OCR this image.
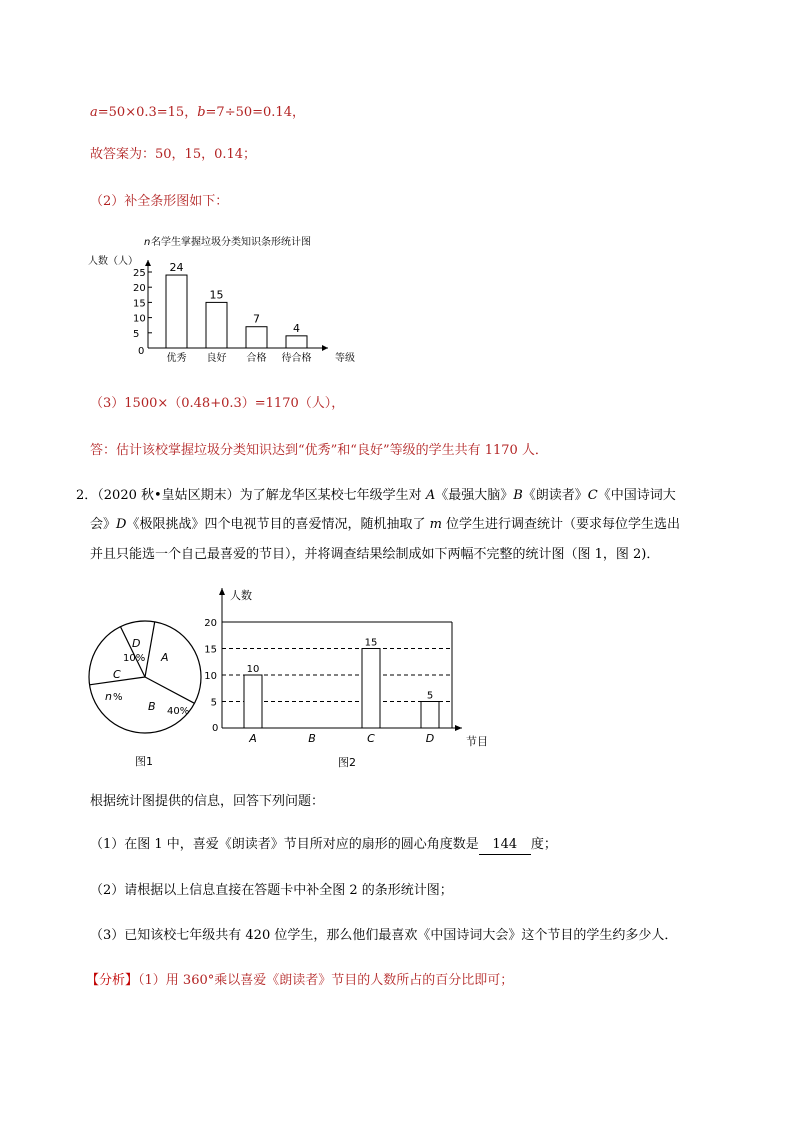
a=50×0.3=15，b=7÷50=0.14，
故答案为：50，15，0.14；
（2）补全条形图如下：
n 名学生掌握垃圾分类知识条形统计图
人数（人）
5
10
15
20
25 24
优秀
15
良好
7
合格
4
待合格
0
等级
（3）1500×（0.48+0.3）=1170（人），
答：估计该校掌握垃圾分类知识达到“优秀”和“良好”等级的学生共有 1170 人．
2．（2020 秋•皇姑区期末）为了解龙华区某校七年级学生对 A《最强大脑》B《朗读者》C《中国诗词大
会》D《极限挑战》四个电视节目的喜爱情况，随机抽取了 m 位学生进行调查统计（要求每位学生选出
并且只能选一个自己最喜爱的节目），并将调查结果绘制成如下两幅不完整的统计图（图 1，图 2)．
D
10% A
C
n %
B 40%
图1
人数
5
10
15
20
10
A	B
15
C
5
D
0
节目
图2
根据统计图提供的信息，回答下列问题：
（1）在图 1 中，喜爱《朗读者》节目所对应的扇形的圆心角度数是 144 度；
（2）请根据以上信息直接在答题卡中补全图 2 的条形统计图；
（3）已知该校七年级共有 420 位学生，那么他们最喜欢《中国诗词大会》这个节目的学生约多少人．
【分析】（1）用 360°乘以喜爱《朗读者》节目的人数所占的百分比即可；
